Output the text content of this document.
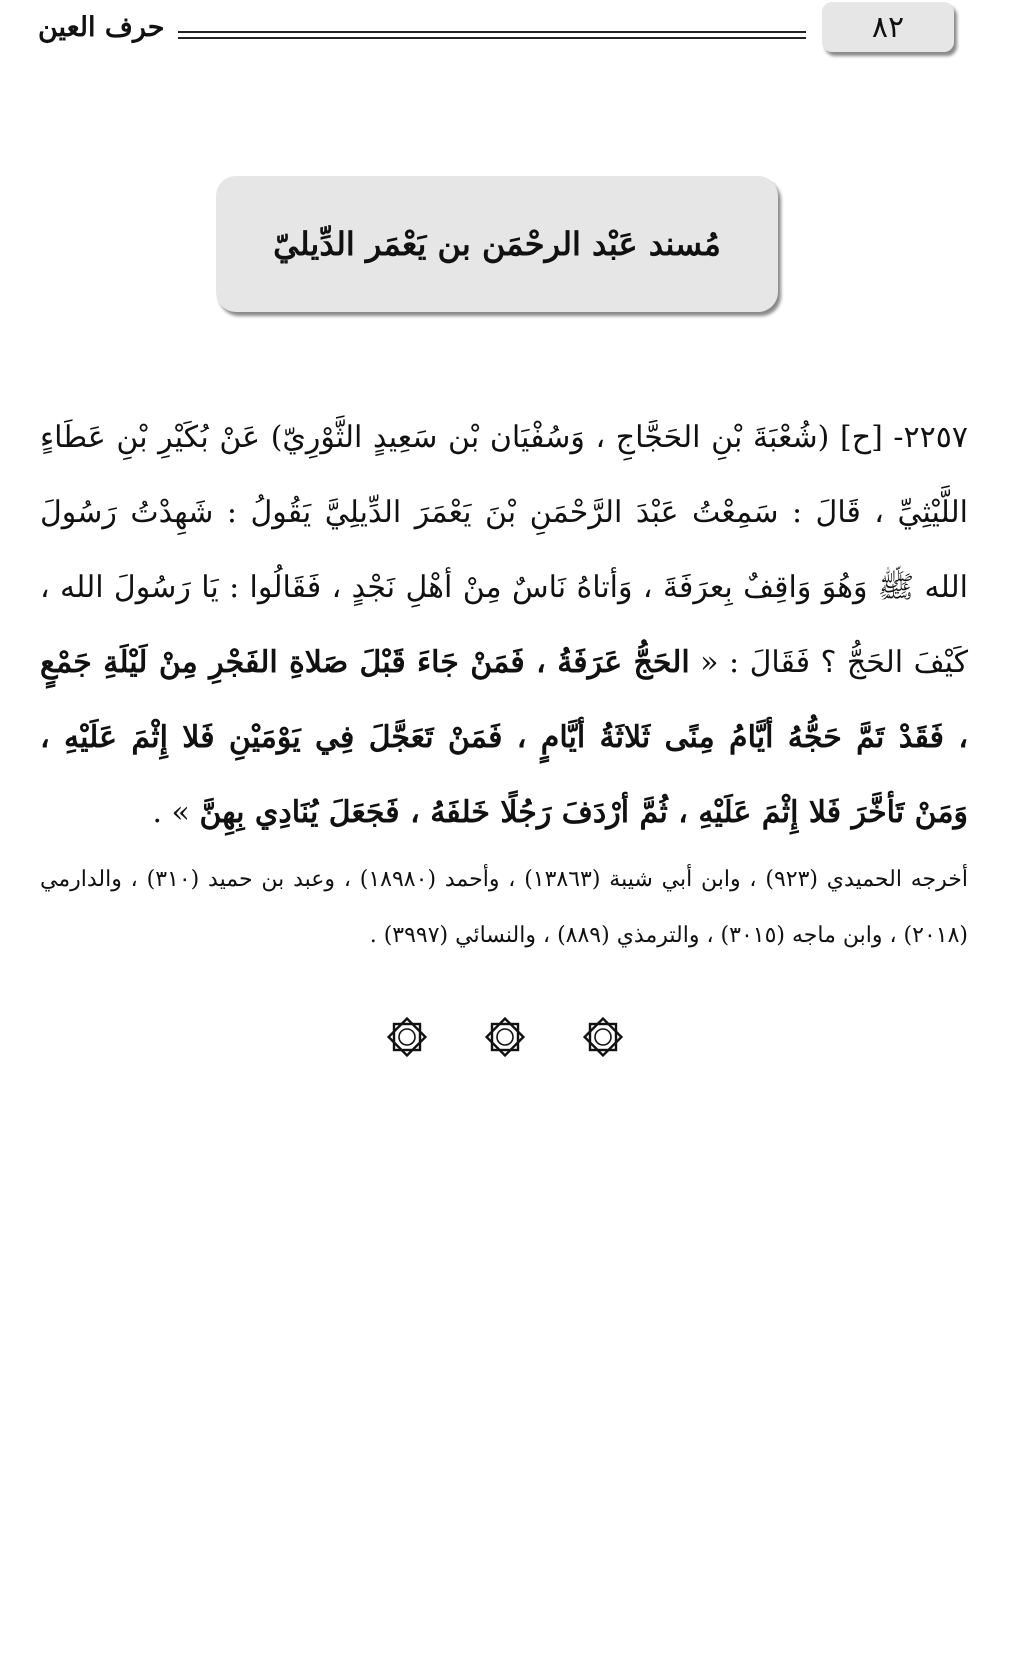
٨٢
حرف العين
مُسند عَبْد الرحْمَن بن يَعْمَر الدِّيليّ
٢٢٥٧- [ح] (شُعْبَةَ بْنِ الحَجَّاجِ ، وَسُفْيَان بْن سَعِيدٍ الثَّوْرِيّ) عَنْ بُكَيْرِ بْنِ عَطَاءٍ اللَّيْثِيِّ ، قَالَ : سَمِعْتُ عَبْدَ الرَّحْمَنِ بْنَ يَعْمَرَ الدِّيلِيَّ يَقُولُ : شَهِدْتُ رَسُولَ الله ﷺ وَهُوَ وَاقِفٌ بِعرَفَةَ ، وَأتاهُ نَاسٌ مِنْ أهْلِ نَجْدٍ ، فَقَالُوا : يَا رَسُولَ الله ، كَيْفَ الحَجُّ ؟ فَقَالَ : « الحَجُّ عَرَفَةُ ، فَمَنْ جَاءَ قَبْلَ صَلاةِ الفَجْرِ مِنْ لَيْلَةِ جَمْعٍ ، فَقَدْ تَمَّ حَجُّهُ أيَّامُ مِنًى ثَلاثَةُ أيَّامٍ ، فَمَنْ تَعَجَّلَ فِي يَوْمَيْنِ فَلا إِثْمَ عَلَيْهِ ، وَمَنْ تَأخَّرَ فَلا إِثْمَ عَلَيْهِ ، ثُمَّ أرْدَفَ رَجُلًا خَلفَهُ ، فَجَعَلَ يُنَادِي بِهِنَّ » .
أخرجه الحميدي (٩٢٣) ، وابن أبي شيبة (١٣٨٦٣) ، وأحمد (١٨٩٨٠) ، وعبد بن حميد (٣١٠) ، والدارمي (٢٠١٨) ، وابن ماجه (٣٠١٥) ، والترمذي (٨٨٩) ، والنسائي (٣٩٩٧) .
